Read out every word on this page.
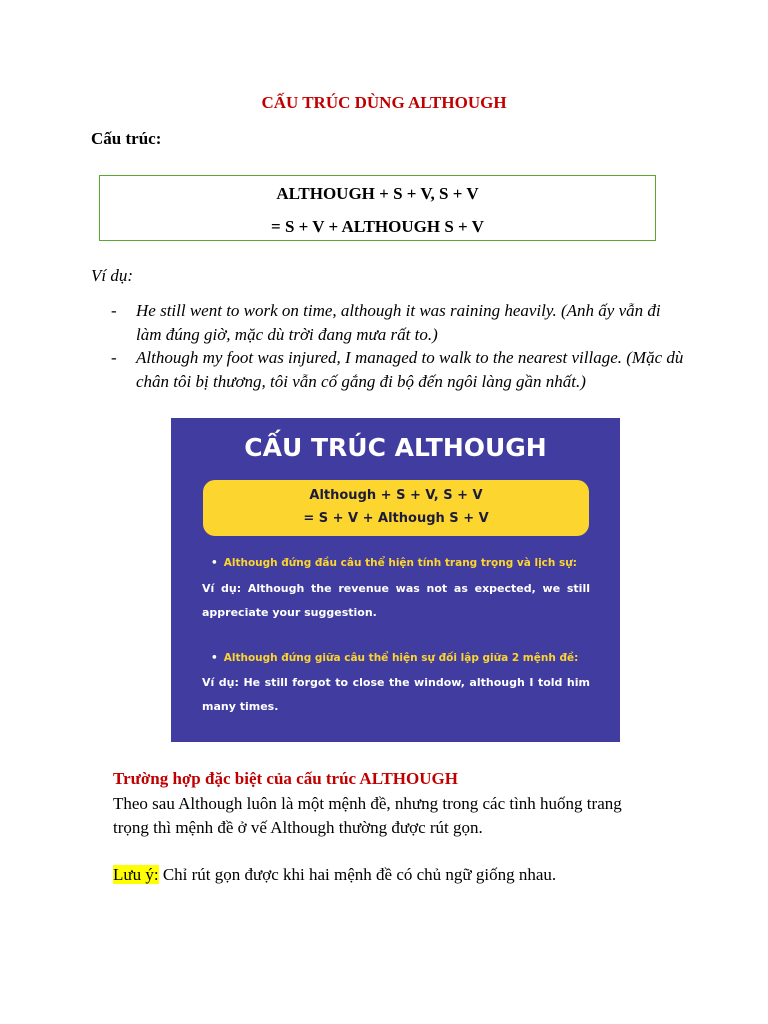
CẤU TRÚC DÙNG ALTHOUGH
Cấu trúc:
ALTHOUGH + S + V, S + V
= S + V + ALTHOUGH S + V
Ví dụ:
- He still went to work on time, although it was raining heavily. (Anh ấy vẫn đi làm đúng giờ, mặc dù trời đang mưa rất to.)
- Although my foot was injured, I managed to walk to the nearest village. (Mặc dù chân tôi bị thương, tôi vẫn cố gắng đi bộ đến ngôi làng gần nhất.)
CẤU TRÚC ALTHOUGH
Although + S + V, S + V
= S + V + Although S + V
• Although đứng đầu câu thể hiện tính trang trọng và lịch sự:
Ví dụ: Although the revenue was not as expected, we still appreciate your suggestion.
• Although đứng giữa câu thể hiện sự đối lập giữa 2 mệnh đề:
Ví dụ: He still forgot to close the window, although I told him many times.
Trường hợp đặc biệt của cấu trúc ALTHOUGH
Theo sau Although luôn là một mệnh đề, nhưng trong các tình huống trang trọng thì mệnh đề ở vế Although thường được rút gọn.
Lưu ý: Chỉ rút gọn được khi hai mệnh đề có chủ ngữ giống nhau.
